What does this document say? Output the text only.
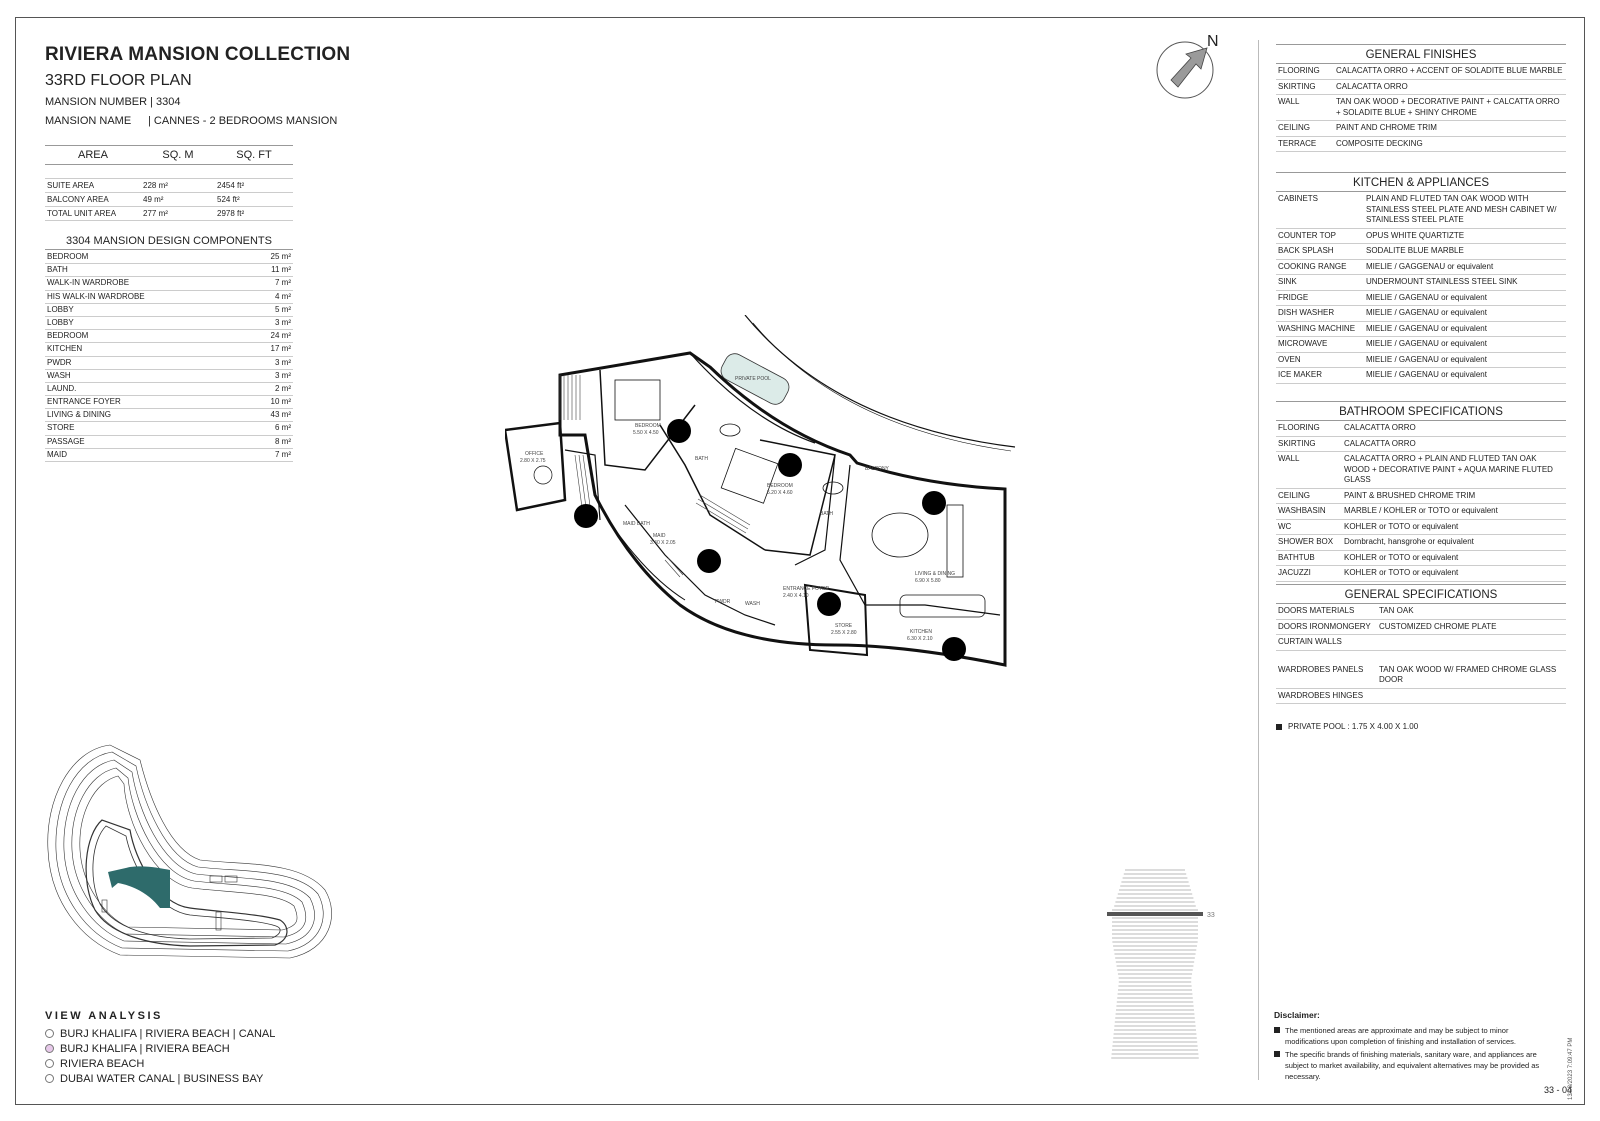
RIVIERA MANSION COLLECTION
33RD FLOOR PLAN
MANSION NUMBER | 3304
MANSION NAME | CANNES - 2 BEDROOMS MANSION
AREA	SQ. M	SQ. FT

SUITE AREA	228 m²	2454 ft²
BALCONY AREA	49 m²	524 ft²
TOTAL UNIT AREA	277 m²	2978 ft²
3304 MANSION DESIGN COMPONENTS
BEDROOM	25 m²
BATH	11 m²
WALK-IN WARDROBE	7 m²
HIS WALK-IN WARDROBE	4 m²
LOBBY	5 m²
LOBBY	3 m²
BEDROOM	24 m²
KITCHEN	17 m²
PWDR	3 m²
WASH	3 m²
LAUND.	2 m²
ENTRANCE FOYER	10 m²
LIVING & DINING	43 m²
STORE	6 m²
PASSAGE	8 m²
MAID	7 m²
N
BALCONY
BEDROOM
5.50 X 4.50
OFFICE
2.80 X 2.75
LIVING & DINING
6.90 X 5.80
KITCHEN
6.30 X 2.10
STORE
2.55 X 2.80
ENTRANCE FOYER
2.40 X 4.10
MAID
3.40 X 2.05
MAID BATH
PWDR	WASH
BEDROOM
5.20 X 4.60
BATH
BATH
PRIVATE POOL
VIEW ANALYSIS
BURJ KHALIFA | RIVIERA BEACH | CANAL
BURJ KHALIFA | RIVIERA BEACH
RIVIERA BEACH
DUBAI WATER CANAL | BUSINESS BAY
33
GENERAL FINISHES
FLOORING	CALACATTA ORRO + ACCENT OF SOLADITE BLUE MARBLE
SKIRTING	CALACATTA ORRO
WALL	TAN OAK WOOD + DECORATIVE PAINT + CALCATTA ORRO + SOLADITE BLUE + SHINY CHROME
CEILING	PAINT AND CHROME TRIM
TERRACE	COMPOSITE DECKING
KITCHEN & APPLIANCES
CABINETS	PLAIN AND FLUTED TAN OAK WOOD WITH STAINLESS STEEL PLATE AND MESH CABINET W/ STAINLESS STEEL PLATE
COUNTER TOP	OPUS WHITE QUARTIZTE
BACK SPLASH	SODALITE BLUE MARBLE
COOKING RANGE	MIELIE / GAGGENAU or equivalent
SINK	UNDERMOUNT STAINLESS STEEL SINK
FRIDGE	MIELIE / GAGENAU or equivalent
DISH WASHER	MIELIE / GAGENAU or equivalent
WASHING MACHINE	MIELIE / GAGENAU or equivalent
MICROWAVE	MIELIE / GAGENAU or equivalent
OVEN	MIELIE / GAGENAU or equivalent
ICE MAKER	MIELIE / GAGENAU or equivalent
BATHROOM SPECIFICATIONS
FLOORING	CALACATTA ORRO
SKIRTING	CALACATTA ORRO
WALL	CALACATTA ORRO + PLAIN AND FLUTED TAN OAK WOOD + DECORATIVE PAINT + AQUA MARINE FLUTED GLASS
CEILING	PAINT & BRUSHED CHROME TRIM
WASHBASIN	MARBLE / KOHLER or TOTO or equivalent
WC	KOHLER or TOTO or equivalent
SHOWER BOX	Dornbracht, hansgrohe or equivalent
BATHTUB	KOHLER or TOTO or equivalent
JACUZZI	KOHLER or TOTO or equivalent
GENERAL SPECIFICATIONS
DOORS MATERIALS	TAN OAK
DOORS IRONMONGERY	CUSTOMIZED CHROME PLATE
CURTAIN WALLS
WARDROBES PANELS	TAN OAK WOOD W/ FRAMED CHROME GLASS DOOR
WARDROBES HINGES
PRIVATE POOL : 1.75 X 4.00 X 1.00
Disclaimer:
The mentioned areas are approximate and may be subject to minor modifications upon completion of finishing and installation of services.
The specific brands of finishing materials, sanitary ware, and appliances are subject to market availability, and equivalent alternatives may be provided as necessary.
33 - 04
13/08/2023 7:09:47 PM
